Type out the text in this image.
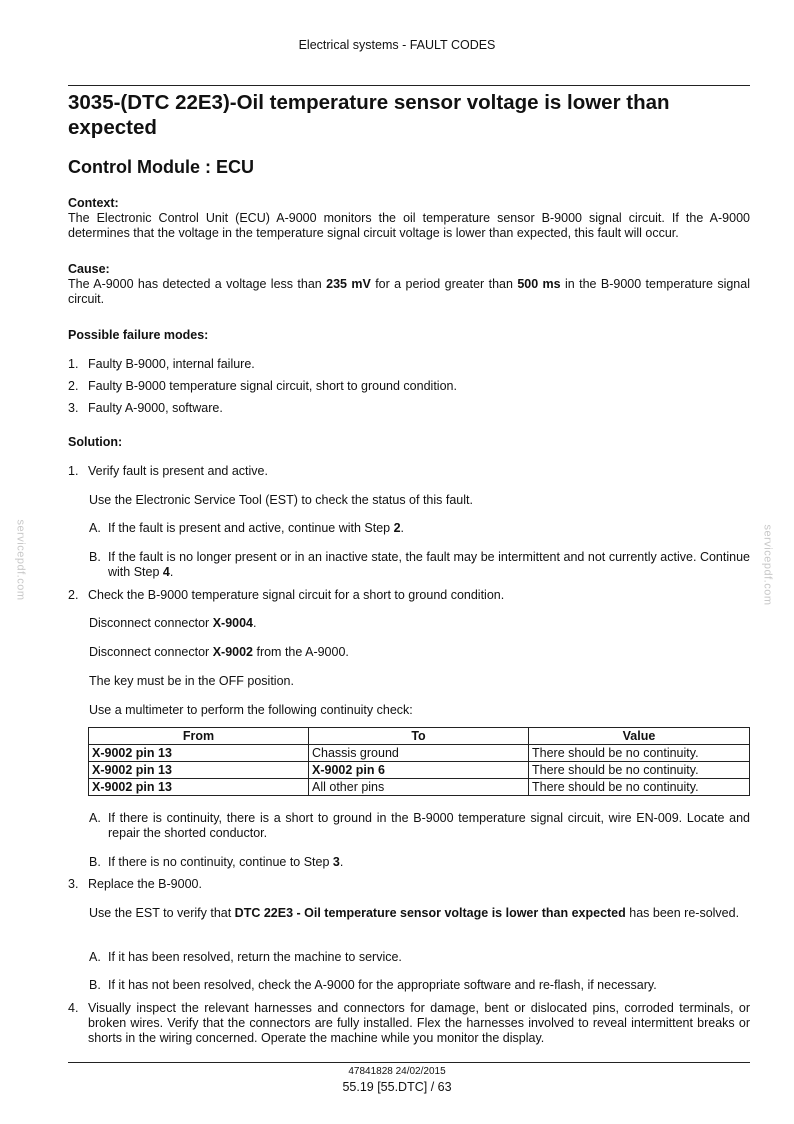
Electrical systems - FAULT CODES
3035-(DTC 22E3)-Oil temperature sensor voltage is lower than expected
Control Module : ECU
Context:
The Electronic Control Unit (ECU) A-9000 monitors the oil temperature sensor B-9000 signal circuit. If the A-9000 determines that the voltage in the temperature signal circuit voltage is lower than expected, this fault will occur.
Cause:
The A-9000 has detected a voltage less than 235 mV for a period greater than 500 ms in the B-9000 temperature signal circuit.
Possible failure modes:
1. Faulty B-9000, internal failure.
2. Faulty B-9000 temperature signal circuit, short to ground condition.
3. Faulty A-9000, software.
Solution:
1. Verify fault is present and active.
Use the Electronic Service Tool (EST) to check the status of this fault.
A. If the fault is present and active, continue with Step 2.
B. If the fault is no longer present or in an inactive state, the fault may be intermittent and not currently active. Continue with Step 4.
2. Check the B-9000 temperature signal circuit for a short to ground condition.
Disconnect connector X-9004.
Disconnect connector X-9002 from the A-9000.
The key must be in the OFF position.
Use a multimeter to perform the following continuity check:
From	To	Value
X-9002 pin 13	Chassis ground	There should be no continuity.
X-9002 pin 13	X-9002 pin 6	There should be no continuity.
X-9002 pin 13	All other pins	There should be no continuity.
A. If there is continuity, there is a short to ground in the B-9000 temperature signal circuit, wire EN-009. Locate and repair the shorted conductor.
B. If there is no continuity, continue to Step 3.
3. Replace the B-9000.
Use the EST to verify that DTC 22E3 - Oil temperature sensor voltage is lower than expected has been re-solved.
A. If it has been resolved, return the machine to service.
B. If it has not been resolved, check the A-9000 for the appropriate software and re-flash, if necessary.
4. Visually inspect the relevant harnesses and connectors for damage, bent or dislocated pins, corroded terminals, or broken wires. Verify that the connectors are fully installed. Flex the harnesses involved to reveal intermittent breaks or shorts in the wiring concerned. Operate the machine while you monitor the display.
servicepdf.com	servicepdf.com
47841828 24/02/2015
55.19 [55.DTC] / 63
